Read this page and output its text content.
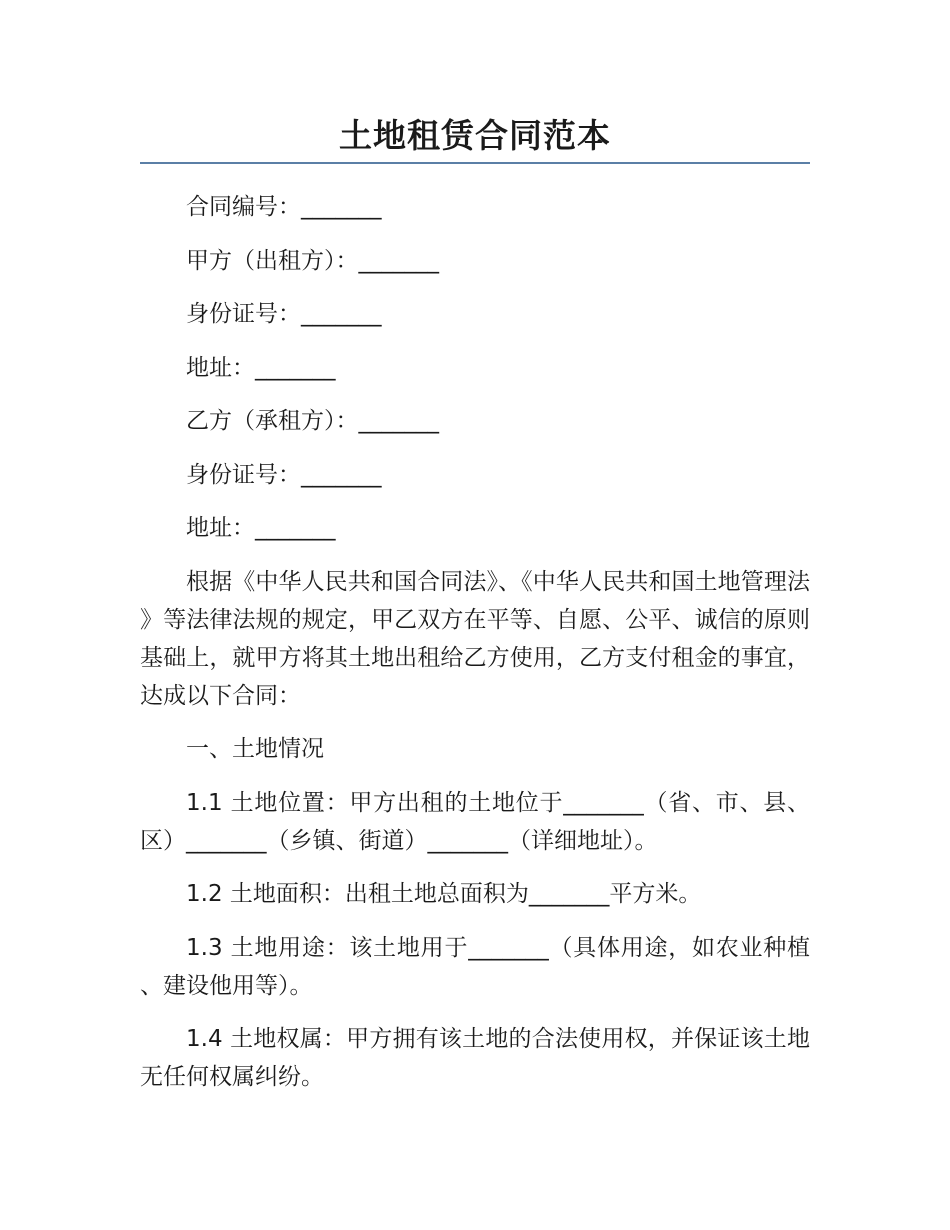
土地租赁合同范本
合同编号：_______
甲方（出租方）：_______
身份证号：_______
地址：_______
乙方（承租方）：_______
身份证号：_______
地址：_______
根据《中华人民共和国合同法》、《中华人民共和国土地管理法》等法律法规的规定，甲乙双方在平等、自愿、公平、诚信的原则基础上，就甲方将其土地出租给乙方使用，乙方支付租金的事宜，达成以下合同：
一、土地情况
1.1 土地位置：甲方出租的土地位于_______（省、市、县、区）_______（乡镇、街道）_______（详细地址）。
1.2 土地面积：出租土地总面积为_______平方米。
1.3 土地用途：该土地用于_______（具体用途，如农业种植、建设他用等）。
1.4 土地权属：甲方拥有该土地的合法使用权，并保证该土地无任何权属纠纷。
